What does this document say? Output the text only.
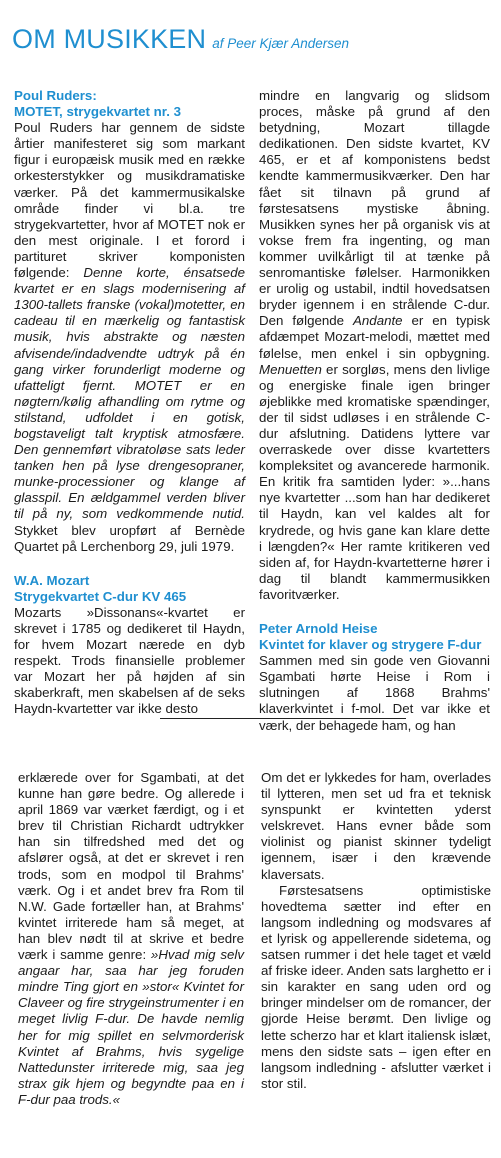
OM MUSIKKEN af Peer Kjær Andersen

Poul Ruders:

MOTET, strygekvartet nr. 3

Poul Ruders har gennem de sidste årtier manifesteret sig som markant figur i europæisk musik med en række orkesterstykker og musikdramatiske værker. På det kammermusikalske område finder vi bl.a. tre strygekvartetter, hvor af MOTET nok er den mest originale. I et forord i partituret skriver komponisten følgende: Denne korte, énsatsede kvartet er en slags modernisering af 1300-tallets franske (vokal)motetter, en cadeau til en mærkelig og fantastisk musik, hvis abstrakte og næsten afvisende/indadvendte udtryk på én gang virker forunderligt moderne og ufatteligt fjernt. MOTET er en nøgtern/kølig afhandling om rytme og stilstand, udfoldet i en gotisk, bogstaveligt talt kryptisk atmosfære. Den gennemført vibratoløse sats leder tanken hen på lyse drengesopraner, munke-processioner og klange af glasspil. En ældgammel verden bliver til på ny, som vedkommende nutid. Stykket blev uropført af Bernède Quartet på Lerchenborg 29, juli 1979.

W.A. Mozart

Strygekvartet C-dur KV 465

Mozarts »Dissonans«-kvartet er skrevet i 1785 og dedikeret til Haydn, for hvem Mozart nærede en dyb respekt. Trods finansielle problemer var Mozart her på højden af sin skaberkraft, men skabelsen af de seks Haydn-kvartetter var ikke desto

mindre en langvarig og slidsom proces, måske på grund af den betydning, Mozart tillagde dedikationen. Den sidste kvartet, KV 465, er et af komponistens bedst kendte kammermusikværker. Den har fået sit tilnavn på grund af førstesatsens mystiske åbning. Musikken synes her på organisk vis at vokse frem fra ingenting, og man kommer uvilkårligt til at tænke på senromantiske følelser. Harmonikken er urolig og ustabil, indtil hovedsatsen bryder igennem i en strålende C-dur. Den følgende Andante er en typisk afdæmpet Mozart-melodi, mættet med følelse, men enkel i sin opbygning. Menuetten er sorgløs, mens den livlige og energiske finale igen bringer øjeblikke med kromatiske spændinger, der til sidst udløses i en strålende C-dur afslutning. Datidens lyttere var overraskede over disse kvartetters kompleksitet og avancerede harmonik. En kritik fra samtiden lyder: »...hans nye kvartetter ...som han har dedikeret til Haydn, kan vel kaldes alt for krydrede, og hvis gane kan klare dette i længden?« Her ramte kritikeren ved siden af, for Haydn-kvartetterne hører i dag til blandt kammermusikken favoritværker.

Peter Arnold Heise

Kvintet for klaver og strygere F-dur

Sammen med sin gode ven Giovanni Sgambati hørte Heise i Rom i slutningen af 1868 Brahms' klaverkvintet i f-mol. Det var ikke et værk, der behagede ham, og han

erklærede over for Sgambati, at det kunne han gøre bedre. Og allerede i april 1869 var værket færdigt, og i et brev til Christian Richardt udtrykker han sin tilfredshed med det og afslører også, at det er skrevet i ren trods, som en modpol til Brahms' værk. Og i et andet brev fra Rom til N.W. Gade fortæller han, at Brahms' kvintet irriterede ham så meget, at han blev nødt til at skrive et bedre værk i samme genre: »Hvad mig selv angaar har, saa har jeg foruden mindre Ting gjort en »stor« Kvintet for Claveer og fire strygeinstrumenter i en meget livlig F-dur. De havde nemlig her for mig spillet en selvmorderisk Kvintet af Brahms, hvis sygelige Nattedunster irriterede mig, saa jeg strax gik hjem og begyndte paa en i F-dur paa trods.«

Om det er lykkedes for ham, overlades til lytteren, men set ud fra et teknisk synspunkt er kvintetten yderst velskrevet. Hans evner både som violinist og pianist skinner tydeligt igennem, især i den krævende klaversats.

Førstesatsens optimistiske hovedtema sætter ind efter en langsom indledning og modsvares af et lyrisk og appellerende sidetema, og satsen rummer i det hele taget et væld af friske ideer. Anden sats larghetto er i sin karakter en sang uden ord og bringer mindelser om de romancer, der gjorde Heise berømt. Den livlige og lette scherzo har et klart italiensk islæt, mens den sidste sats – igen efter en langsom indledning - afslutter værket i stor stil.
